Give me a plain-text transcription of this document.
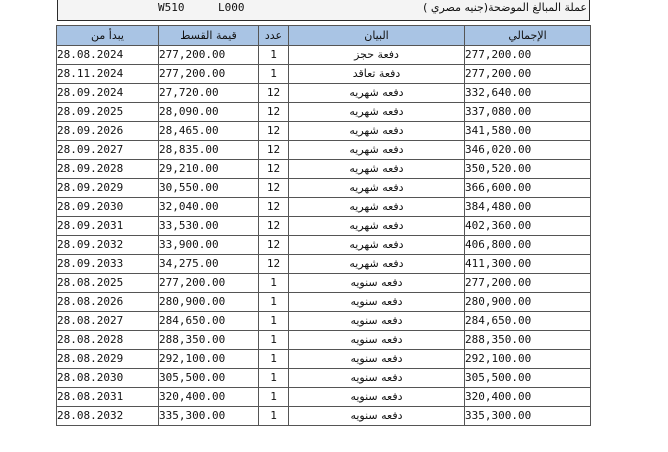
W510	L000	عملة المبالغ الموضحة(جنيه مصري )
يبدأ من	قيمة القسط	عدد	البيان	الإجمالي
28.08.2024	277,200.00	1	دفعة حجز	277,200.00
28.11.2024	277,200.00	1	دفعة تعاقد	277,200.00
28.09.2024	27,720.00	12	دفعه شهريه	332,640.00
28.09.2025	28,090.00	12	دفعه شهريه	337,080.00
28.09.2026	28,465.00	12	دفعه شهريه	341,580.00
28.09.2027	28,835.00	12	دفعه شهريه	346,020.00
28.09.2028	29,210.00	12	دفعه شهريه	350,520.00
28.09.2029	30,550.00	12	دفعه شهريه	366,600.00
28.09.2030	32,040.00	12	دفعه شهريه	384,480.00
28.09.2031	33,530.00	12	دفعه شهريه	402,360.00
28.09.2032	33,900.00	12	دفعه شهريه	406,800.00
28.09.2033	34,275.00	12	دفعه شهريه	411,300.00
28.08.2025	277,200.00	1	دفعه سنويه	277,200.00
28.08.2026	280,900.00	1	دفعه سنويه	280,900.00
28.08.2027	284,650.00	1	دفعه سنويه	284,650.00
28.08.2028	288,350.00	1	دفعه سنويه	288,350.00
28.08.2029	292,100.00	1	دفعه سنويه	292,100.00
28.08.2030	305,500.00	1	دفعه سنويه	305,500.00
28.08.2031	320,400.00	1	دفعه سنويه	320,400.00
28.08.2032	335,300.00	1	دفعه سنويه	335,300.00
